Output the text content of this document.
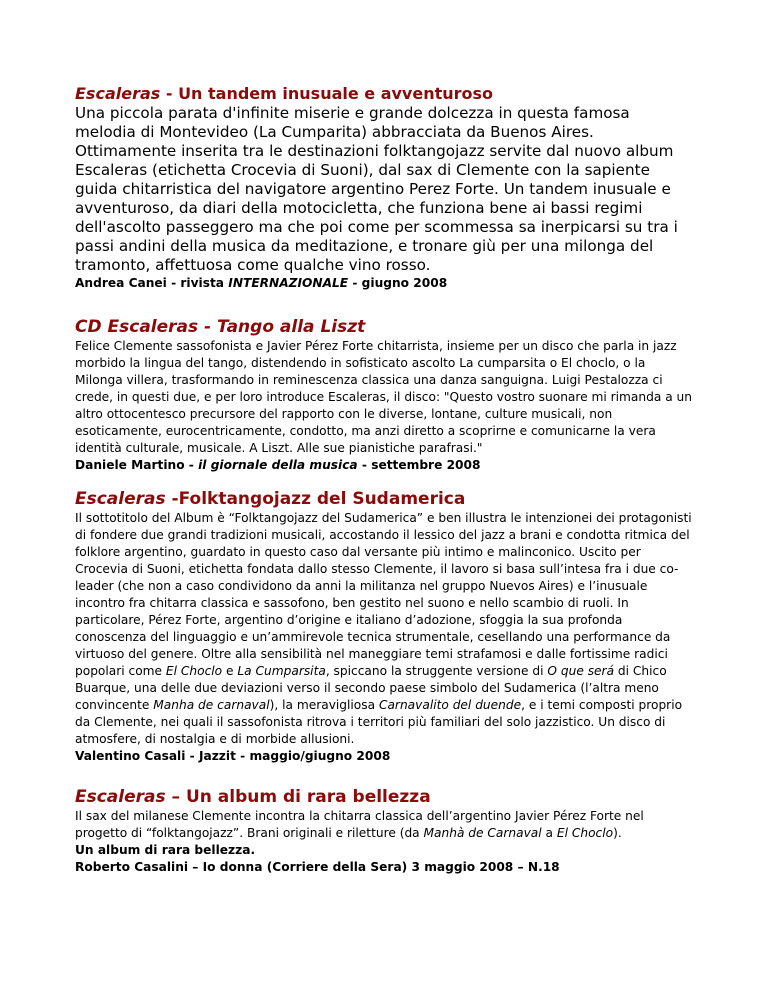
Escaleras - Un tandem inusuale e avventuroso
Una piccola parata d'infinite miserie e grande dolcezza in questa famosa melodia di Montevideo (La Cumparita) abbracciata da Buenos Aires. Ottimamente inserita tra le destinazioni folktangojazz servite dal nuovo album Escaleras (etichetta Crocevia di Suoni), dal sax di Clemente con la sapiente guida chitarristica del navigatore argentino Perez Forte. Un tandem inusuale e avventuroso, da diari della motocicletta, che funziona bene ai bassi regimi dell'ascolto passeggero ma che poi come per scommessa sa inerpicarsi su tra i passi andini della musica da meditazione, e tronare giù per una milonga del tramonto, affettuosa come qualche vino rosso.
Andrea Canei - rivista INTERNAZIONALE - giugno 2008
CD Escaleras - Tango alla Liszt
Felice Clemente sassofonista e Javier Pérez Forte chitarrista, insieme per un disco che parla in jazz morbido la lingua del tango, distendendo in sofisticato ascolto La cumparsita o El choclo, o la Milonga villera, trasformando in reminescenza classica una danza sanguigna. Luigi Pestalozza ci crede, in questi due, e per loro introduce Escaleras, il disco: "Questo vostro suonare mi rimanda a un altro ottocentesco precursore del rapporto con le diverse, lontane, culture musicali, non esoticamente, eurocentricamente, condotto, ma anzi diretto a scoprirne e comunicarne la vera identità culturale, musicale. A Liszt. Alle sue pianistiche parafrasi."
Daniele Martino - il giornale della musica - settembre 2008
Escaleras -Folktangojazz del Sudamerica
Il sottotitolo del Album è “Folktangojazz del Sudamerica” e ben illustra le intenzionei dei protagonisti di fondere due grandi tradizioni musicali, accostando il lessico del jazz a brani e condotta ritmica del folklore argentino, guardato in questo caso dal versante più intimo e malinconico. Uscito per Crocevia di Suoni, etichetta fondata dallo stesso Clemente, il lavoro si basa sull’intesa fra i due co-leader (che non a caso condividono da anni la militanza nel gruppo Nuevos Aires) e l’inusuale incontro fra chitarra classica e sassofono, ben gestito nel suono e nello scambio di ruoli. In particolare, Pérez Forte, argentino d’origine e italiano d’adozione, sfoggia la sua profonda conoscenza del linguaggio e un’ammirevole tecnica strumentale, cesellando una performance da virtuoso del genere. Oltre alla sensibilità nel maneggiare temi strafamosi e dalle fortissime radici popolari come El Choclo e La Cumparsita, spiccano la struggente versione di O que será di Chico Buarque, una delle due deviazioni verso il secondo paese simbolo del Sudamerica (l’altra meno convincente Manha de carnaval), la meravigliosa Carnavalito del duende, e i temi composti proprio da Clemente, nei quali il sassofonista ritrova i territori più familiari del solo jazzistico. Un disco di atmosfere, di nostalgia e di morbide allusioni.
Valentino Casali - Jazzit - maggio/giugno 2008
Escaleras – Un album di rara bellezza
Il sax del milanese Clemente incontra la chitarra classica dell’argentino Javier Pérez Forte nel progetto di “folktangojazz”. Brani originali e riletture (da Manhà de Carnaval a El Choclo).
Un album di rara bellezza.
Roberto Casalini – Io donna (Corriere della Sera) 3 maggio 2008 – N.18
